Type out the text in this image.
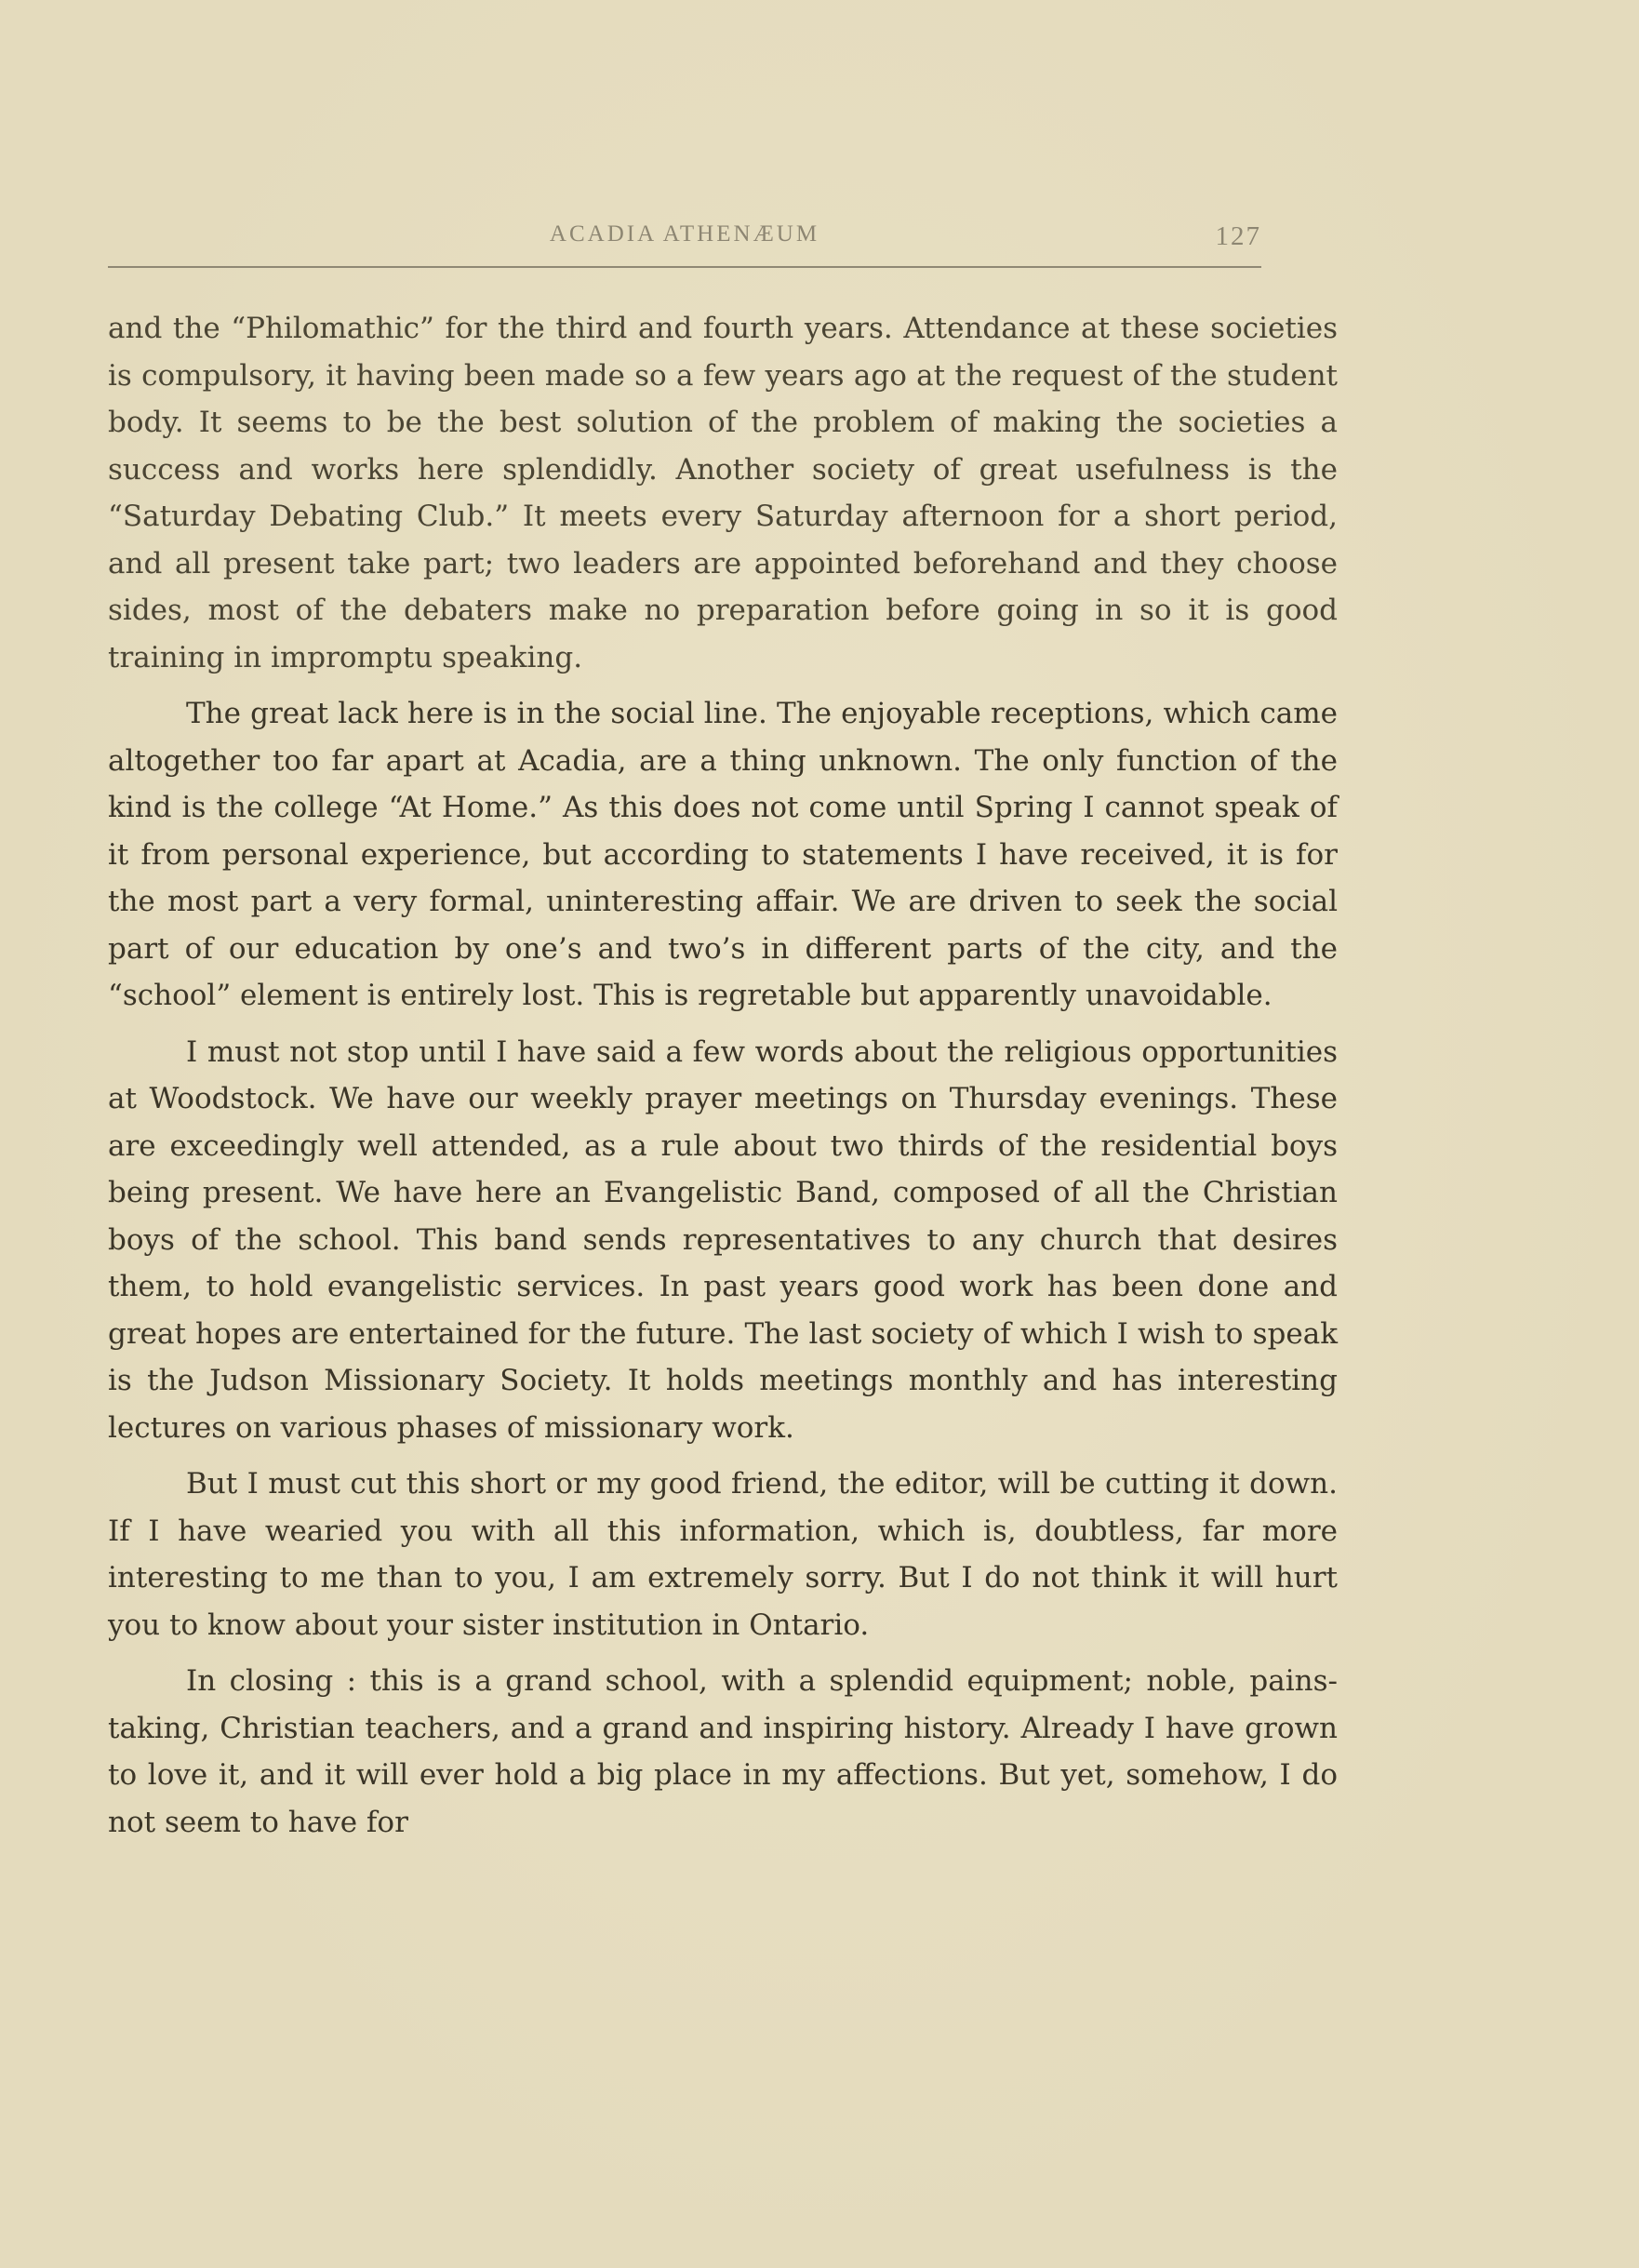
ACADIA ATHENÆUM	127

and the “Philomathic” for the third and fourth years. Attendance at these societies is compulsory, it having been made so a few years ago at the request of the student body. It seems to be the best solution of the problem of making the societies a success and works here splendidly. Another society of great usefulness is the “Saturday Debating Club.” It meets every Saturday afternoon for a short period, and all present take part; two leaders are appointed beforehand and they choose sides, most of the debaters make no preparation before going in so it is good training in impromptu speaking.

The great lack here is in the social line. The enjoyable receptions, which came altogether too far apart at Acadia, are a thing unknown. The only function of the kind is the college “At Home.” As this does not come until Spring I cannot speak of it from personal experience, but according to statements I have received, it is for the most part a very formal, uninteresting affair. We are driven to seek the social part of our education by one’s and two’s in different parts of the city, and the “school” element is entirely lost. This is regretable but apparently unavoidable.

I must not stop until I have said a few words about the religious opportunities at Woodstock. We have our weekly prayer meetings on Thursday evenings. These are exceedingly well attended, as a rule about two thirds of the residential boys being present. We have here an Evangelistic Band, composed of all the Christian boys of the school. This band sends representatives to any church that desires them, to hold evangelistic services. In past years good work has been done and great hopes are entertained for the future. The last society of which I wish to speak is the Judson Missionary Society. It holds meetings monthly and has interesting lectures on various phases of missionary work.

But I must cut this short or my good friend, the editor, will be cutting it down. If I have wearied you with all this information, which is, doubtless, far more interesting to me than to you, I am extremely sorry. But I do not think it will hurt you to know about your sister institution in Ontario.

In closing : this is a grand school, with a splendid equipment; noble, pains-taking, Christian teachers, and a grand and inspiring history. Already I have grown to love it, and it will ever hold a big place in my affections. But yet, somehow, I do not seem to have for
